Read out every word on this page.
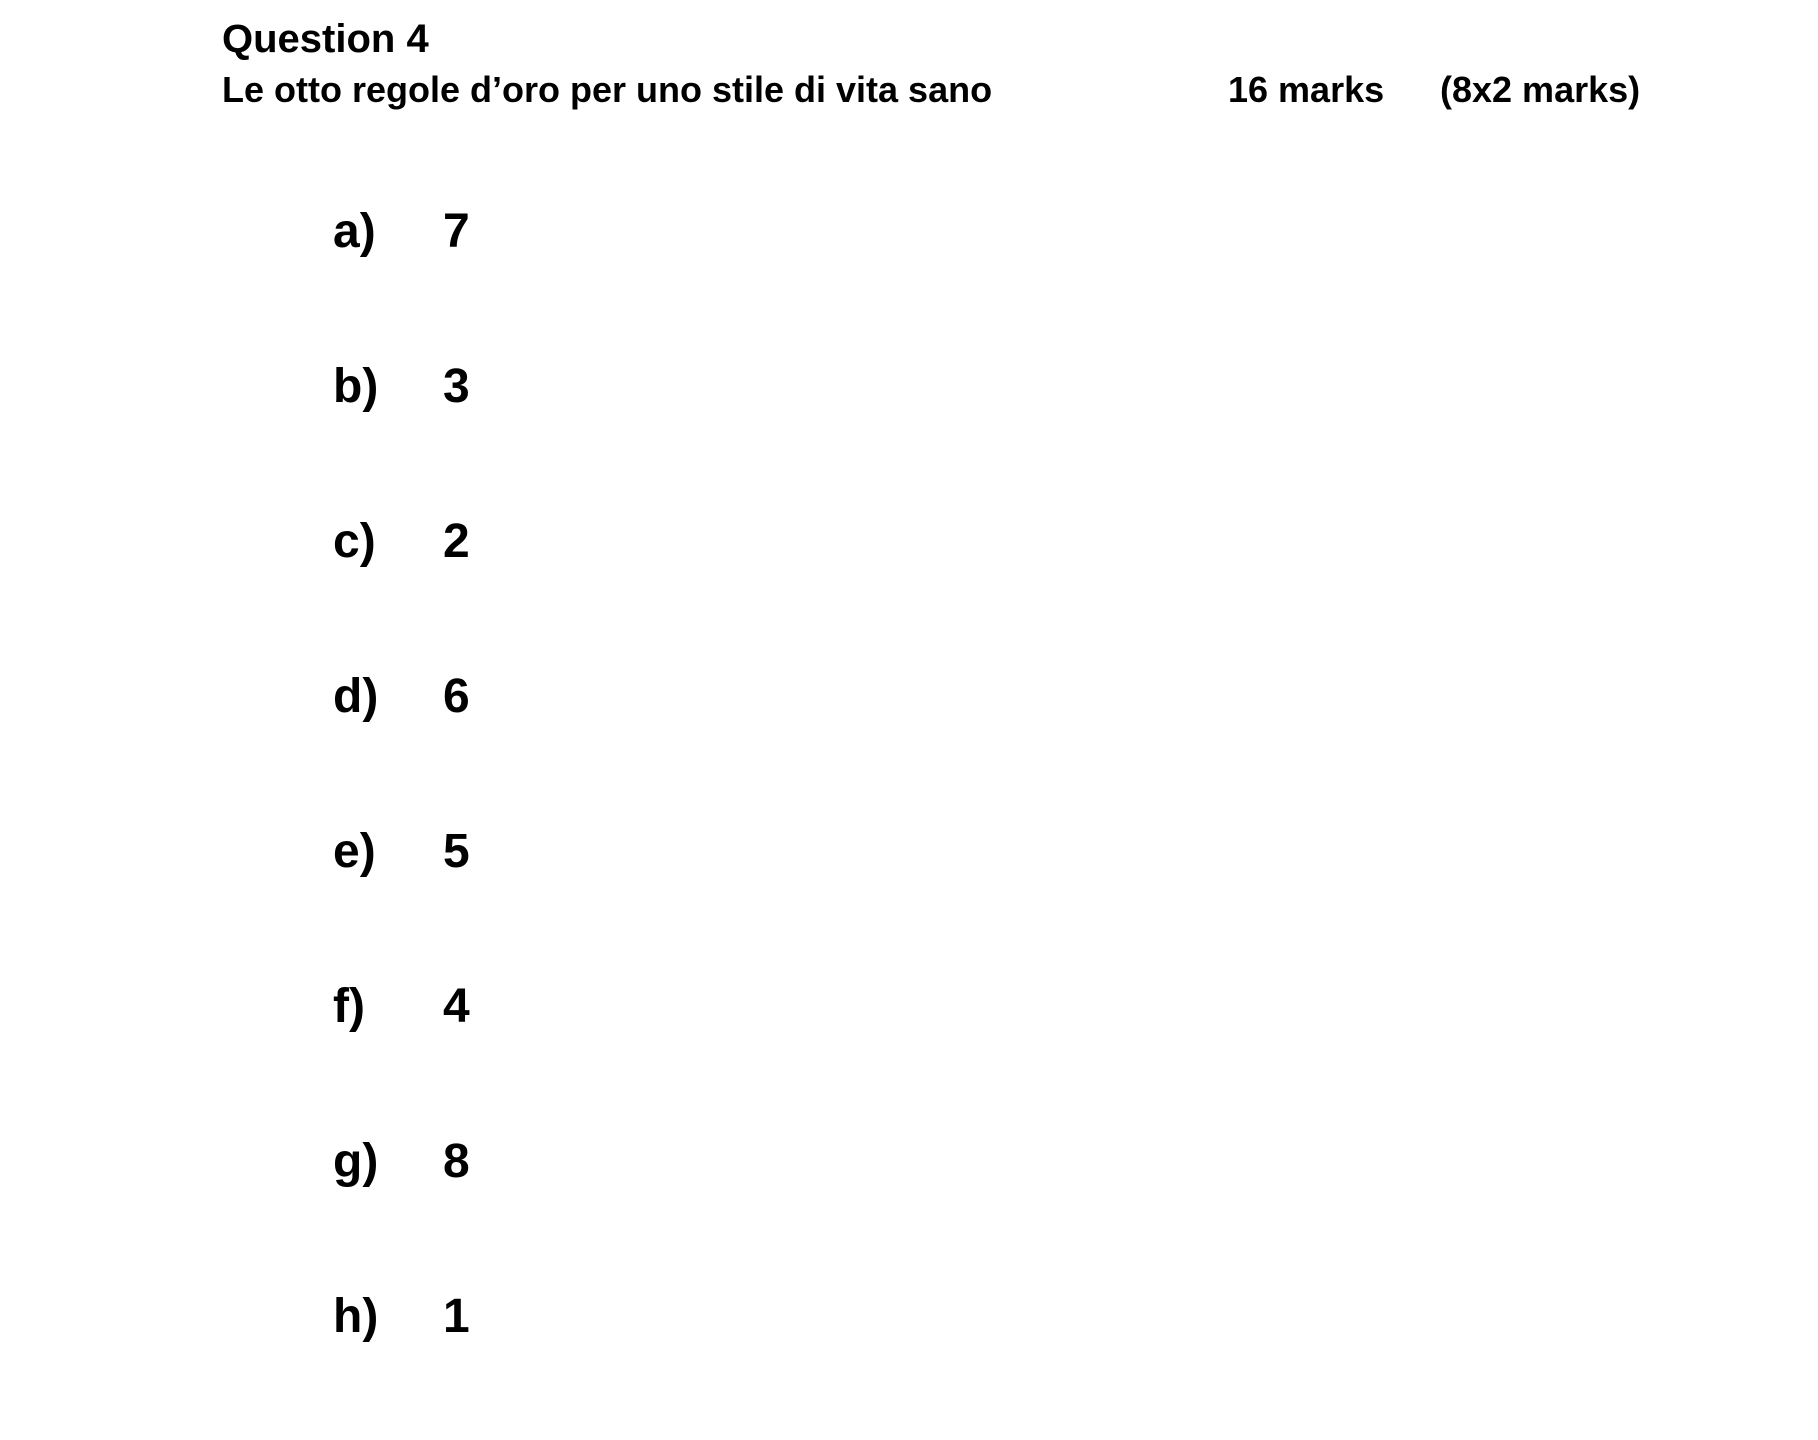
Question 4
Le otto regole d’oro per uno stile di vita sano	16 marks (8x2 marks)
a) 7
b) 3
c) 2
d) 6
e) 5
f) 4
g) 8
h) 1
